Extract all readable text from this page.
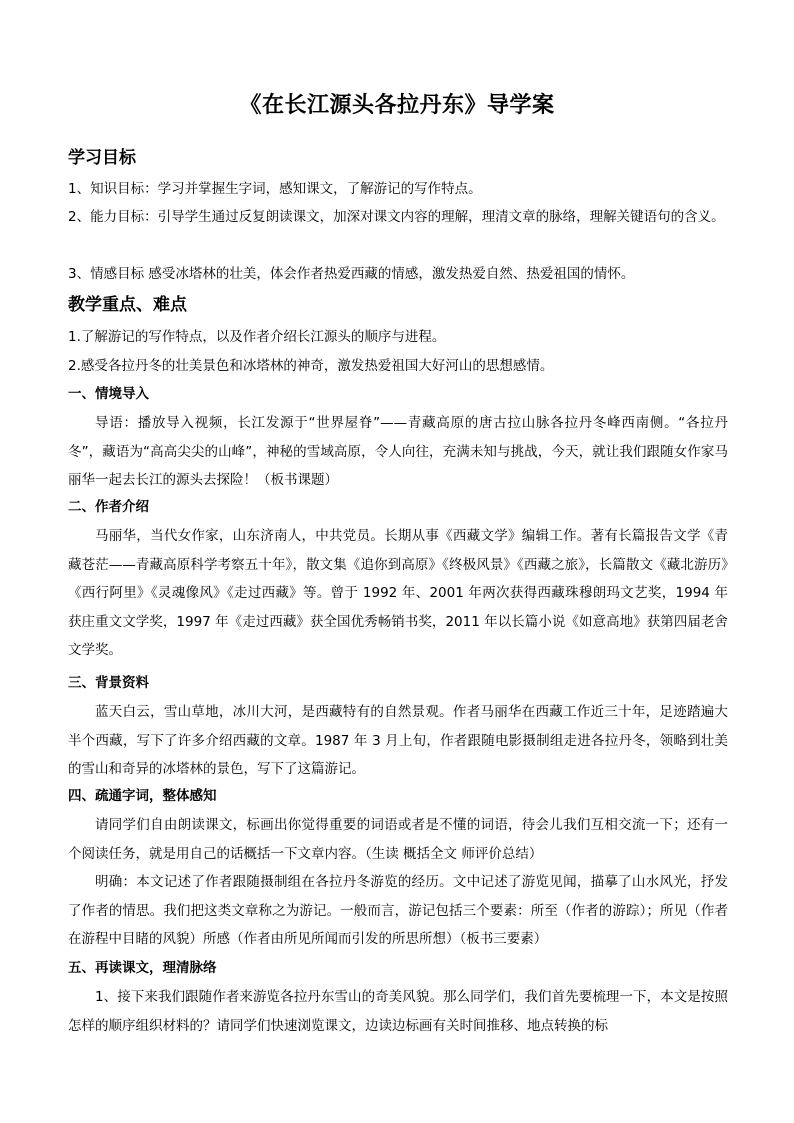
《在长江源头各拉丹东》导学案
学习目标
1、知识目标：学习并掌握生字词，感知课文，了解游记的写作特点。
2、能力目标：引导学生通过反复朗读课文，加深对课文内容的理解，理清文章的脉络，理解关键语句的含义。
3、情感目标 感受冰塔林的壮美，体会作者热爱西藏的情感，激发热爱自然、热爱祖国的情怀。
教学重点、难点
1.了解游记的写作特点，以及作者介绍长江源头的顺序与进程。
2.感受各拉丹冬的壮美景色和冰塔林的神奇，激发热爱祖国大好河山的思想感情。
一、情境导入
导语：播放导入视频，长江发源于“世界屋脊”——青藏高原的唐古拉山脉各拉丹冬峰西南侧。“各拉丹冬”，藏语为“高高尖尖的山峰”，神秘的雪域高原，令人向往，充满未知与挑战，今天，就让我们跟随女作家马丽华一起去长江的源头去探险！（板书课题）
二、作者介绍
马丽华，当代女作家，山东济南人，中共党员。长期从事《西藏文学》编辑工作。著有长篇报告文学《青藏苍茫——青藏高原科学考察五十年》，散文集《追你到高原》《终极风景》《西藏之旅》，长篇散文《藏北游历》《西行阿里》《灵魂像风》《走过西藏》等。曾于 1992 年、2001 年两次获得西藏珠穆朗玛文艺奖，1994 年获庄重文文学奖，1997 年《走过西藏》获全国优秀畅销书奖，2011 年以长篇小说《如意高地》获第四届老舍文学奖。
三、背景资料
蓝天白云，雪山草地，冰川大河，是西藏特有的自然景观。作者马丽华在西藏工作近三十年，足迹踏遍大半个西藏，写下了许多介绍西藏的文章。1987 年 3 月上旬，作者跟随电影摄制组走进各拉丹冬，领略到壮美的雪山和奇异的冰塔林的景色，写下了这篇游记。
四、疏通字词，整体感知
请同学们自由朗读课文，标画出你觉得重要的词语或者是不懂的词语，待会儿我们互相交流一下；还有一个阅读任务，就是用自己的话概括一下文章内容。（生读 概括全文 师评价总结）
明确：本文记述了作者跟随摄制组在各拉丹冬游览的经历。文中记述了游览见闻，描摹了山水风光，抒发了作者的情思。我们把这类文章称之为游记。一般而言，游记包括三个要素：所至（作者的游踪）；所见（作者在游程中目睹的风貌）所感（作者由所见所闻而引发的所思所想）（板书三要素）
五、再读课文，理清脉络
1、接下来我们跟随作者来游览各拉丹东雪山的奇美风貌。那么同学们，我们首先要梳理一下，本文是按照怎样的顺序组织材料的？请同学们快速浏览课文，边读边标画有关时间推移、地点转换的标
